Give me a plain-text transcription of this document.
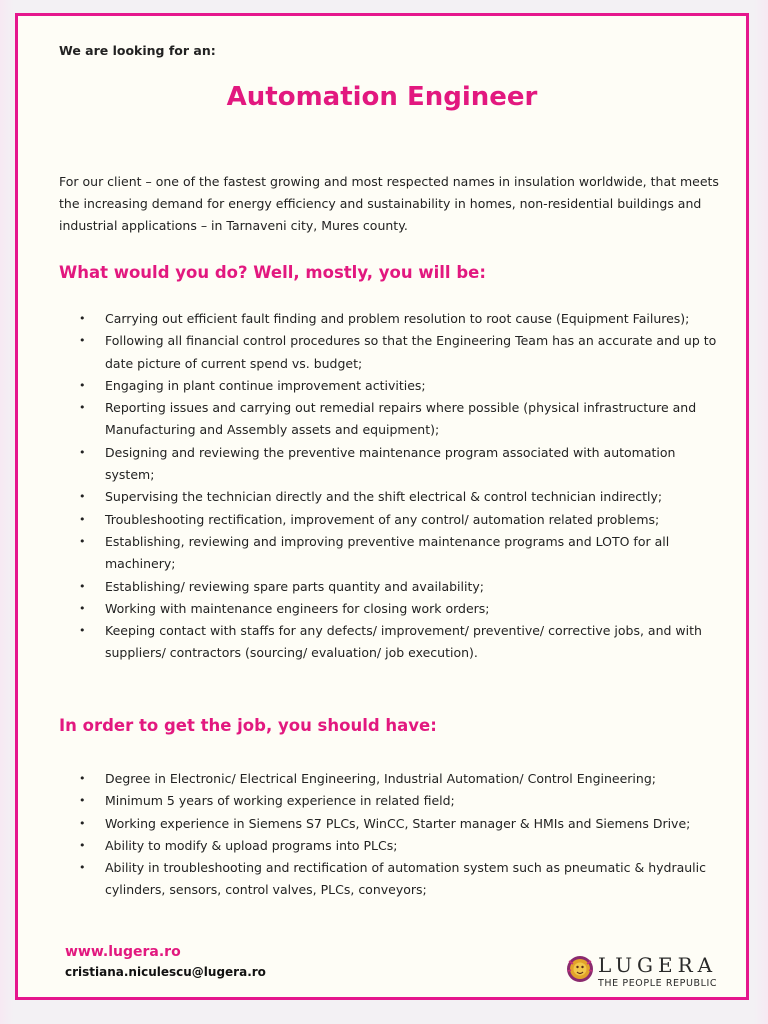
We are looking for an:
Automation Engineer
For our client – one of the fastest growing and most respected names in insulation worldwide, that meets the increasing demand for energy efficiency and sustainability in homes, non-residential buildings and industrial applications – in Tarnaveni city, Mures county.
What would you do? Well, mostly, you will be:
• Carrying out efficient fault finding and problem resolution to root cause (Equipment Failures);
• Following all financial control procedures so that the Engineering Team has an accurate and up to date picture of current spend vs. budget;
• Engaging in plant continue improvement activities;
• Reporting issues and carrying out remedial repairs where possible (physical infrastructure and Manufacturing and Assembly assets and equipment);
• Designing and reviewing the preventive maintenance program associated with automation system;
• Supervising the technician directly and the shift electrical & control technician indirectly;
• Troubleshooting rectification, improvement of any control/ automation related problems;
• Establishing, reviewing and improving preventive maintenance programs and LOTO for all machinery;
• Establishing/ reviewing spare parts quantity and availability;
• Working with maintenance engineers for closing work orders;
• Keeping contact with staffs for any defects/ improvement/ preventive/ corrective jobs, and with suppliers/ contractors (sourcing/ evaluation/ job execution).
In order to get the job, you should have:
• Degree in Electronic/ Electrical Engineering, Industrial Automation/ Control Engineering;
• Minimum 5 years of working experience in related field;
• Working experience in Siemens S7 PLCs, WinCC, Starter manager & HMIs and Siemens Drive;
• Ability to modify & upload programs into PLCs;
• Ability in troubleshooting and rectification of automation system such as pneumatic & hydraulic cylinders, sensors, control valves, PLCs, conveyors;
www.lugera.ro
cristiana.niculescu@lugera.ro	LUGERA
THE PEOPLE REPUBLIC
